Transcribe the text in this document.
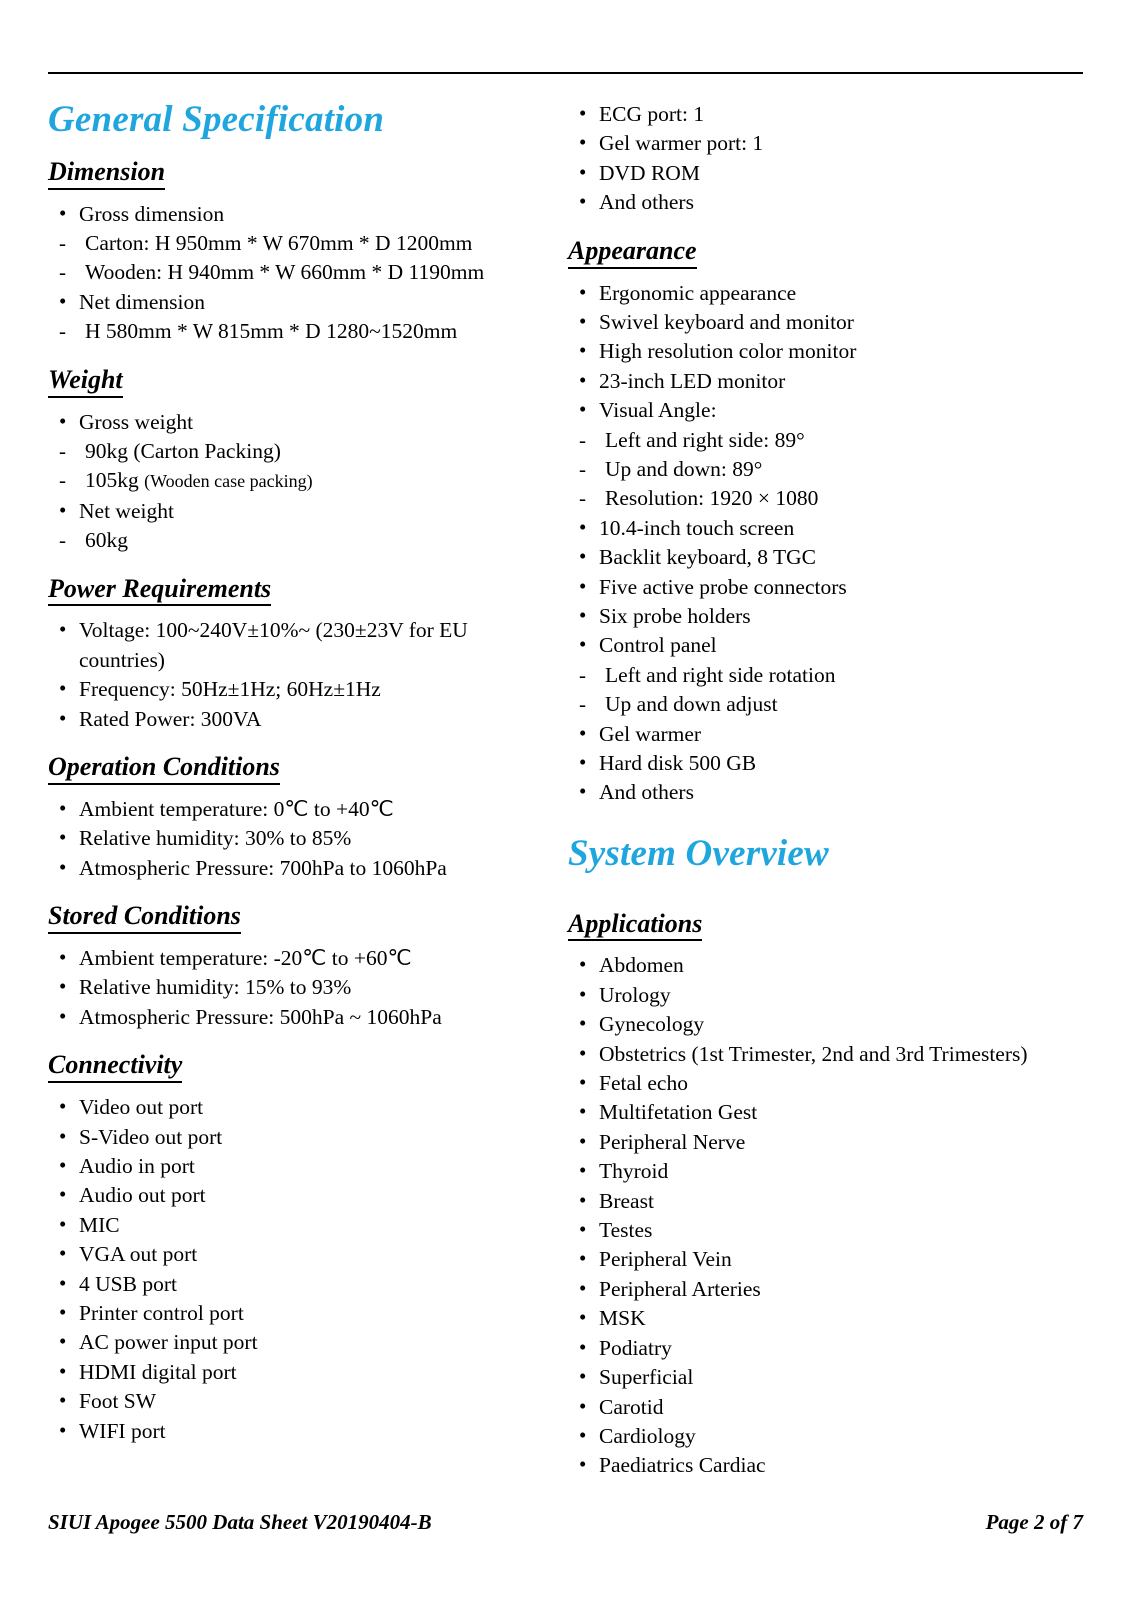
General Specification
Dimension
• Gross dimension
- Carton: H 950mm * W 670mm * D 1200mm
- Wooden: H 940mm * W 660mm * D 1190mm
• Net dimension
- H 580mm * W 815mm * D 1280~1520mm
Weight
• Gross weight
- 90kg (Carton Packing)
- 105kg (Wooden case packing)
• Net weight
- 60kg
Power Requirements
• Voltage: 100~240V±10%~ (230±23V for EU countries)
• Frequency: 50Hz±1Hz; 60Hz±1Hz
• Rated Power: 300VA
Operation Conditions
• Ambient temperature: 0℃ to +40℃
• Relative humidity: 30% to 85%
• Atmospheric Pressure: 700hPa to 1060hPa
Stored Conditions
• Ambient temperature: -20℃ to +60℃
• Relative humidity: 15% to 93%
• Atmospheric Pressure: 500hPa ~ 1060hPa
Connectivity
• Video out port
• S-Video out port
• Audio in port
• Audio out port
• MIC
• VGA out port
• 4 USB port
• Printer control port
• AC power input port
• HDMI digital port
• Foot SW
• WIFI port
• ECG port: 1
• Gel warmer port: 1
• DVD ROM
• And others
Appearance
• Ergonomic appearance
• Swivel keyboard and monitor
• High resolution color monitor
• 23-inch LED monitor
• Visual Angle:
- Left and right side: 89°
- Up and down: 89°
- Resolution: 1920 × 1080
• 10.4-inch touch screen
• Backlit keyboard, 8 TGC
• Five active probe connectors
• Six probe holders
• Control panel
- Left and right side rotation
- Up and down adjust
• Gel warmer
• Hard disk 500 GB
• And others
System Overview
Applications
• Abdomen
• Urology
• Gynecology
• Obstetrics (1st Trimester, 2nd and 3rd Trimesters)
• Fetal echo
• Multifetation Gest
• Peripheral Nerve
• Thyroid
• Breast
• Testes
• Peripheral Vein
• Peripheral Arteries
• MSK
• Podiatry
• Superficial
• Carotid
• Cardiology
• Paediatrics Cardiac
SIUI Apogee 5500 Data Sheet V20190404-B	Page 2 of 7
